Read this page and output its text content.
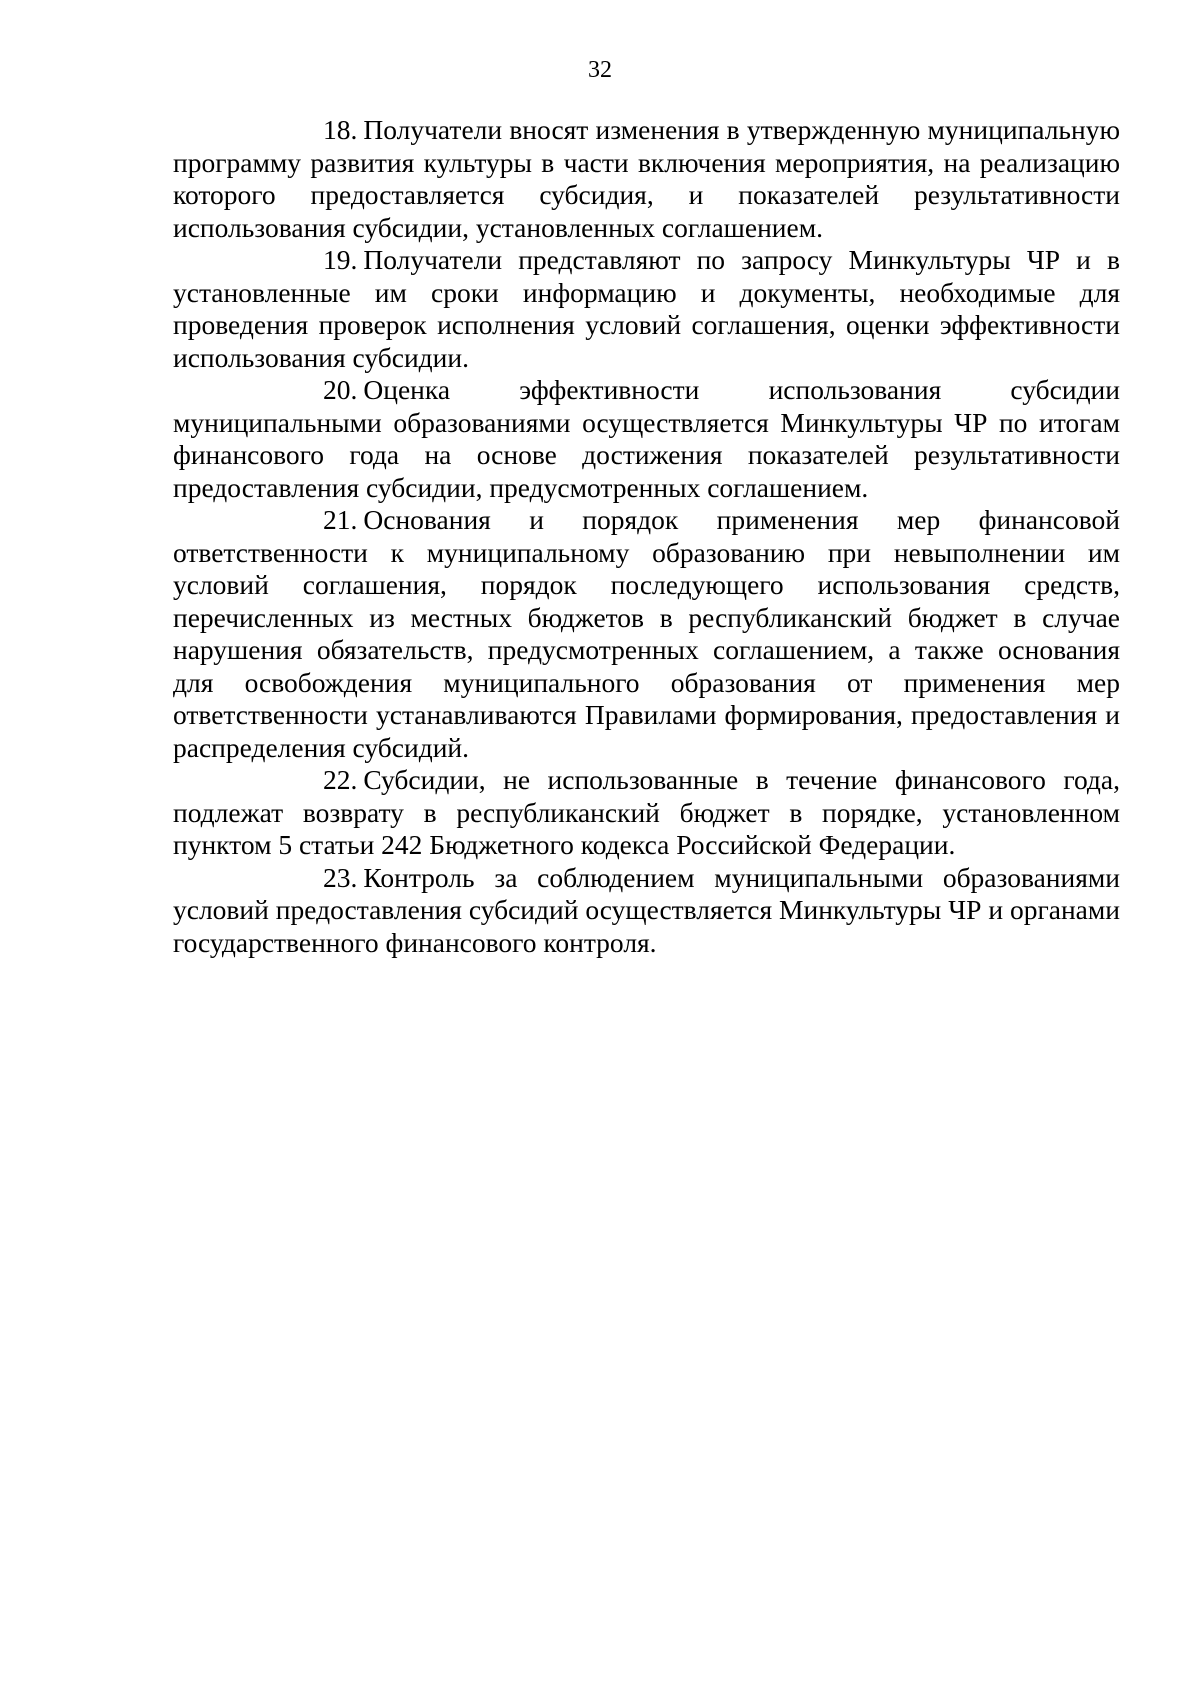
32

18. Получатели вносят изменения в утвержденную муниципальную программу развития культуры в части включения мероприятия, на реализацию которого предоставляется субсидия, и показателей результативности использования субсидии, установленных соглашением.

19. Получатели представляют по запросу Минкультуры ЧР и в установленные им сроки информацию и документы, необходимые для проведения проверок исполнения условий соглашения, оценки эффективности использования субсидии.

20. Оценка эффективности использования субсидии муниципальными образованиями осуществляется Минкультуры ЧР по итогам финансового года на основе достижения показателей результативности предоставления субсидии, предусмотренных соглашением.

21. Основания и порядок применения мер финансовой ответственности к муниципальному образованию при невыполнении им условий соглашения, порядок последующего использования средств, перечисленных из местных бюджетов в республиканский бюджет в случае нарушения обязательств, предусмотренных соглашением, а также основания для освобождения муниципального образования от применения мер ответственности устанавливаются Правилами формирования, предоставления и распределения субсидий.

22. Субсидии, не использованные в течение финансового года, подлежат возврату в республиканский бюджет в порядке, установленном пунктом 5 статьи 242 Бюджетного кодекса Российской Федерации.

23. Контроль за соблюдением муниципальными образованиями условий предоставления субсидий осуществляется Минкультуры ЧР и органами государственного финансового контроля.
